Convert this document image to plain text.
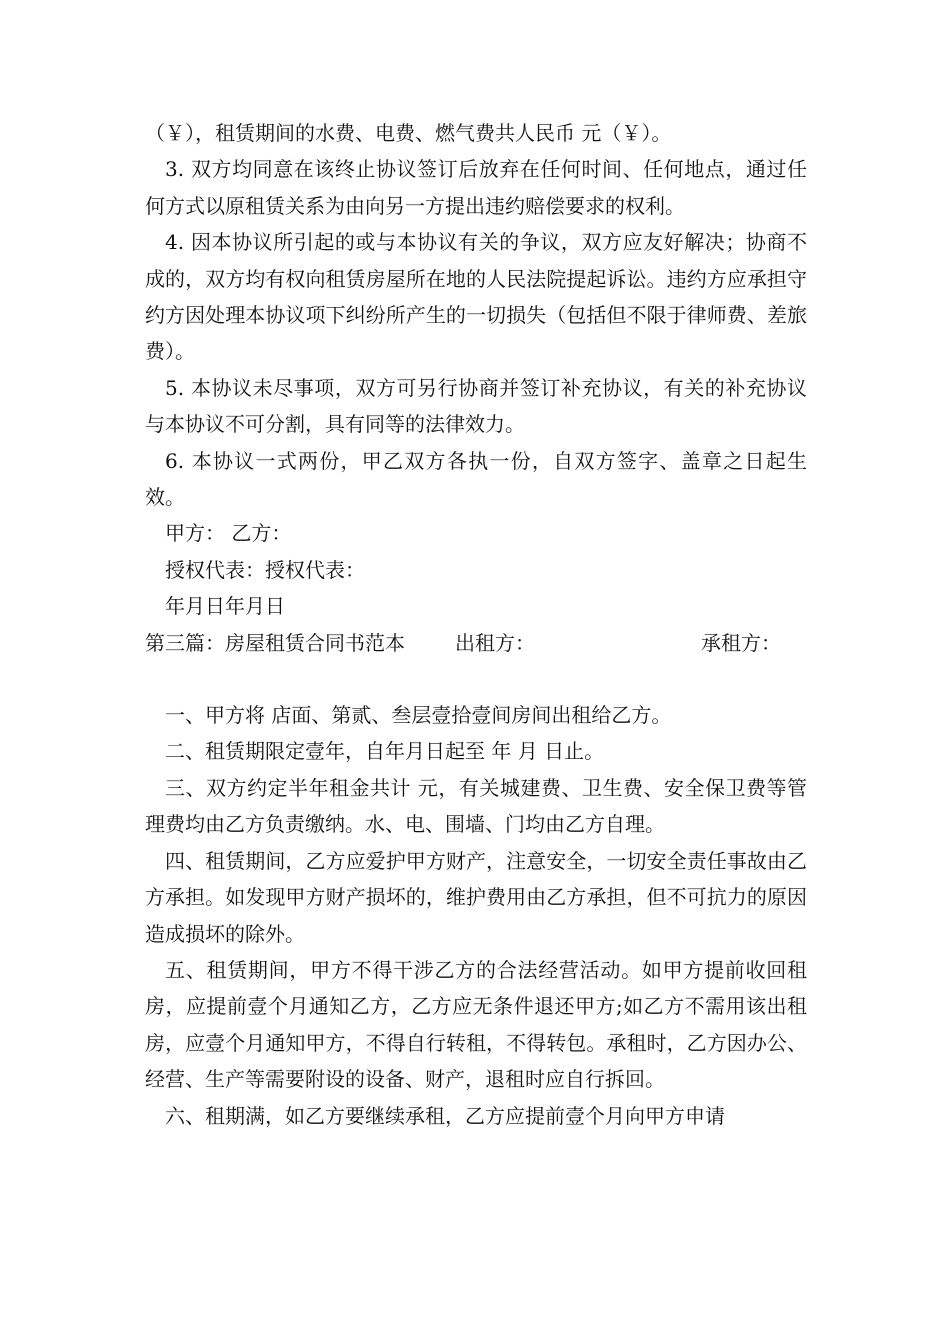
（￥），租赁期间的水费、电费、燃气费共人民币 元（￥）。

3. 双方均同意在该终止协议签订后放弃在任何时间、任何地点，通过任何方式以原租赁关系为由向另一方提出违约赔偿要求的权利。

4. 因本协议所引起的或与本协议有关的争议，双方应友好解决；协商不成的，双方均有权向租赁房屋所在地的人民法院提起诉讼。违约方应承担守约方因处理本协议项下纠纷所产生的一切损失（包括但不限于律师费、差旅费）。

5. 本协议未尽事项，双方可另行协商并签订补充协议，有关的补充协议与本协议不可分割，具有同等的法律效力。

6. 本协议一式两份，甲乙双方各执一份，自双方签字、盖章之日起生效。

甲方： 乙方：

授权代表：授权代表：

年月日年月日

第三篇：房屋租赁合同书范本	出租方：	承租方：

一、甲方将 店面、第贰、叁层壹拾壹间房间出租给乙方。

二、租赁期限定壹年，自年月日起至 年 月 日止。

三、双方约定半年租金共计 元，有关城建费、卫生费、安全保卫费等管理费均由乙方负责缴纳。水、电、围墙、门均由乙方自理。

四、租赁期间，乙方应爱护甲方财产，注意安全，一切安全责任事故由乙方承担。如发现甲方财产损坏的，维护费用由乙方承担，但不可抗力的原因造成损坏的除外。

五、租赁期间，甲方不得干涉乙方的合法经营活动。如甲方提前收回租房，应提前壹个月通知乙方，乙方应无条件退还甲方;如乙方不需用该出租房，应壹个月通知甲方，不得自行转租，不得转包。承租时，乙方因办公、经营、生产等需要附设的设备、财产，退租时应自行拆回。

六、租期满，如乙方要继续承租，乙方应提前壹个月向甲方申请
